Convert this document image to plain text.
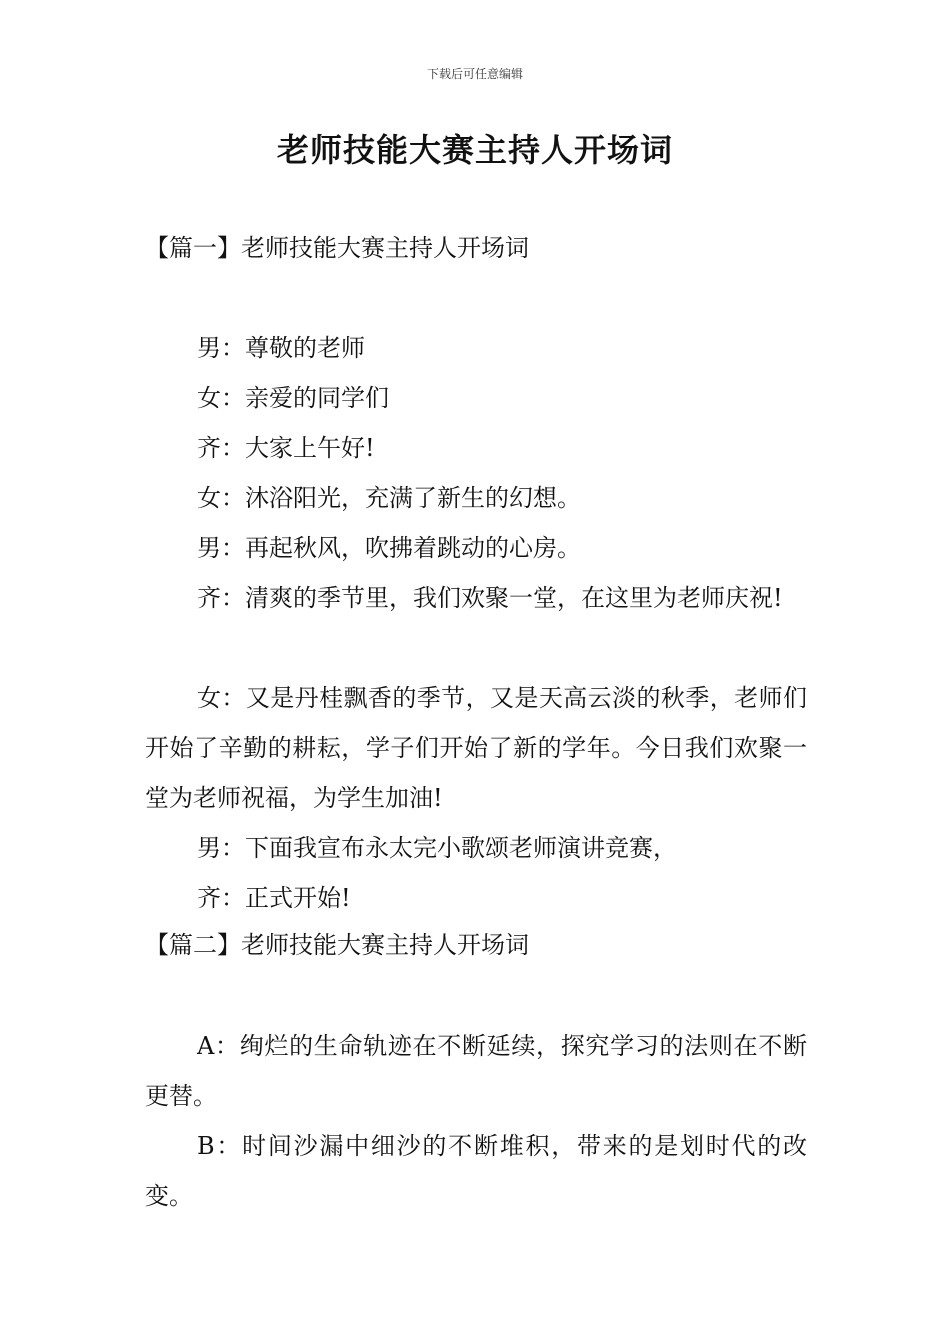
下载后可任意编辑
老师技能大赛主持人开场词
【篇一】老师技能大赛主持人开场词
男：尊敬的老师
女：亲爱的同学们
齐：大家上午好!
女：沐浴阳光，充满了新生的幻想。
男：再起秋风，吹拂着跳动的心房。
齐：清爽的季节里，我们欢聚一堂，在这里为老师庆祝!
女：又是丹桂飘香的季节，又是天高云淡的秋季，老师们开始了辛勤的耕耘，学子们开始了新的学年。今日我们欢聚一堂为老师祝福，为学生加油!
男：下面我宣布永太完小歌颂老师演讲竞赛，
齐：正式开始!
【篇二】老师技能大赛主持人开场词
A：绚烂的生命轨迹在不断延续，探究学习的法则在不断更替。
B：时间沙漏中细沙的不断堆积，带来的是划时代的改变。
